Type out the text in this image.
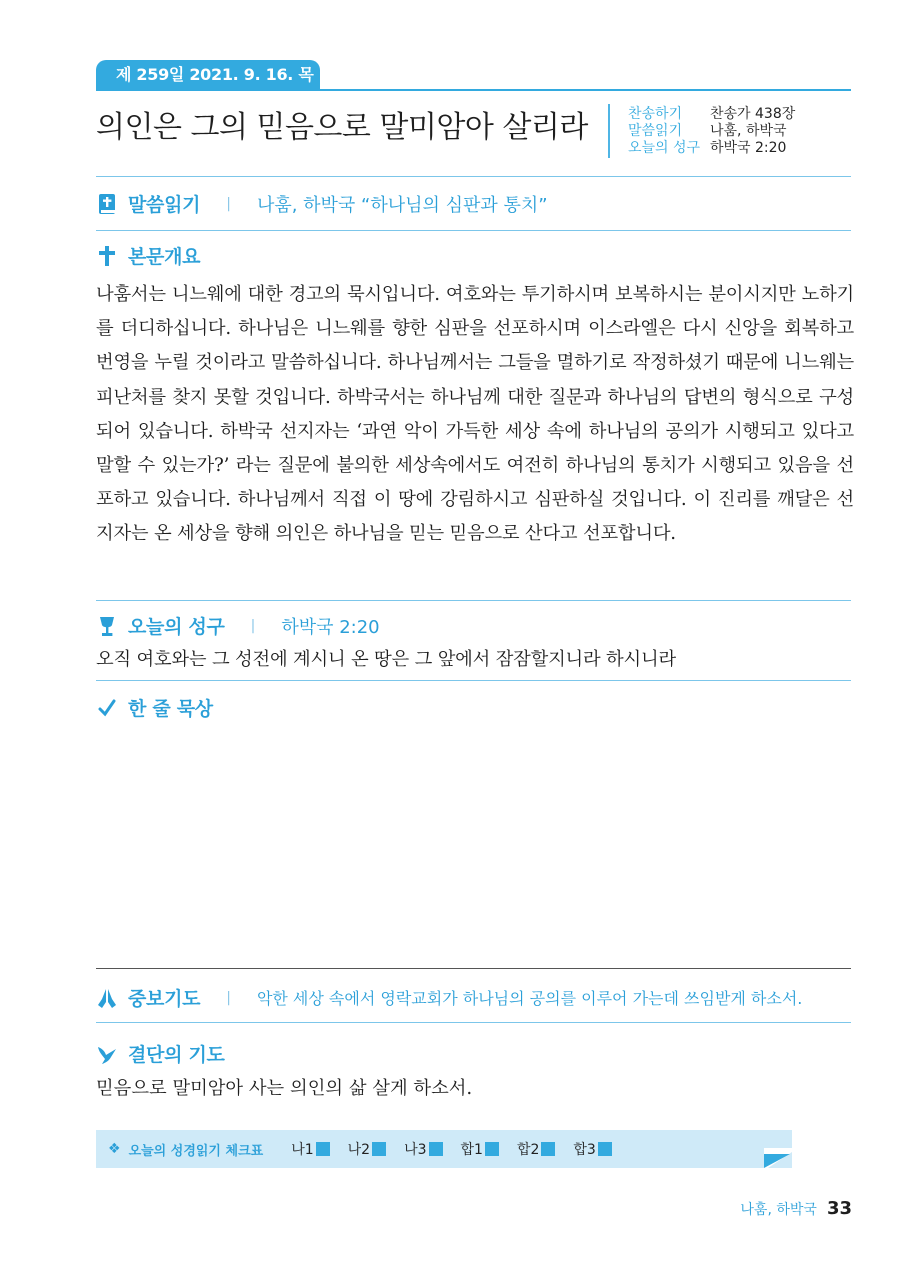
제 259일 2021. 9. 16. 목
의인은 그의 믿음으로 말미암아 살리라	찬송하기	찬송가 438장
말씀읽기	나훔, 하박국
오늘의 성구 하박국 2:20
말씀읽기 | 나훔, 하박국 “하나님의 심판과 통치”
본문개요
나훔서는 니느웨에 대한 경고의 묵시입니다. 여호와는 투기하시며 보복하시는 분이시지만 노하기를 더디하십니다. 하나님은 니느웨를 향한 심판을 선포하시며 이스라엘은 다시 신앙을 회복하고 번영을 누릴 것이라고 말씀하십니다. 하나님께서는 그들을 멸하기로 작정하셨기 때문에 니느웨는 피난처를 찾지 못할 것입니다. 하박국서는 하나님께 대한 질문과 하나님의 답변의 형식으로 구성되어 있습니다. 하박국 선지자는 ‘과연 악이 가득한 세상 속에 하나님의 공의가 시행되고 있다고 말할 수 있는가?’ 라는 질문에 불의한 세상속에서도 여전히 하나님의 통치가 시행되고 있음을 선포하고 있습니다. 하나님께서 직접 이 땅에 강림하시고 심판하실 것입니다. 이 진리를 깨달은 선지자는 온 세상을 향해 의인은 하나님을 믿는 믿음으로 산다고 선포합니다.
오늘의 성구 | 하박국 2:20
오직 여호와는 그 성전에 계시니 온 땅은 그 앞에서 잠잠할지니라 하시니라
한 줄 묵상
중보기도 | 악한 세상 속에서 영락교회가 하나님의 공의를 이루어 가는데 쓰임받게 하소서.
결단의 기도
믿음으로 말미암아 사는 의인의 삶 살게 하소서.
❖ 오늘의 성경읽기 체크표 나1 나2 나3 합1 합2 합3
나훔, 하박국 33
